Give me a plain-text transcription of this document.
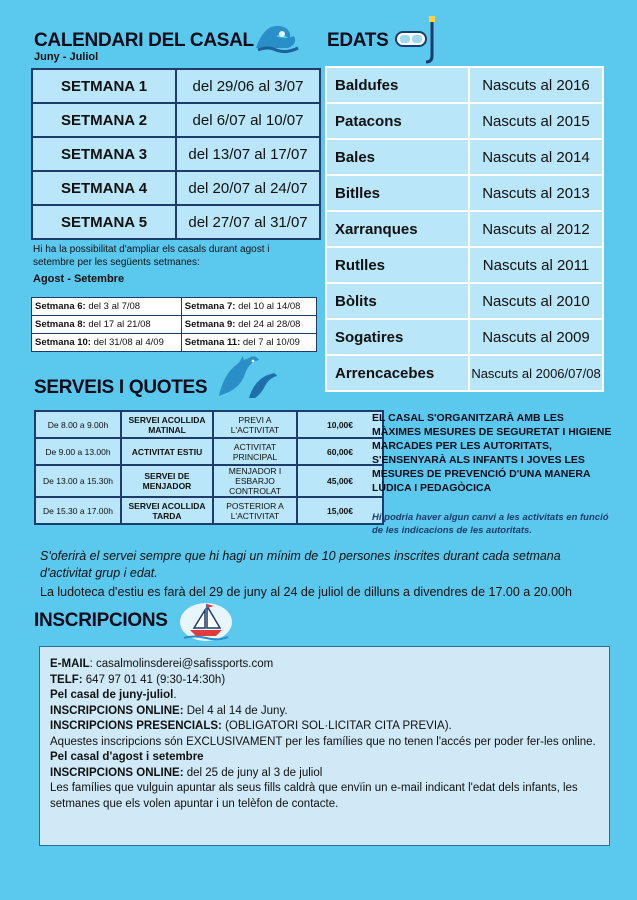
CALENDARI DEL CASAL
Juny - Juliol
SETMANA 1	del 29/06 al 3/07
SETMANA 2	del 6/07 al 10/07
SETMANA 3	del 13/07 al 17/07
SETMANA 4	del 20/07 al 24/07
SETMANA 5	del 27/07 al 31/07
Hi ha la possibilitat d'ampliar els casals durant agost i setembre per les següents setmanes:
Agost - Setembre
Setmana 6: del 3 al 7/08	Setmana 7: del 10 al 14/08
Setmana 8: del 17 al 21/08	Setmana 9: del 24 al 28/08
Setmana 10: del 31/08 al 4/09	Setmana 11: del 7 al 10/09
EDATS
Baldufes	Nascuts al 2016
Patacons	Nascuts al 2015
Bales	Nascuts al 2014
Bitlles	Nascuts al 2013
Xarranques	Nascuts al 2012
Rutlles	Nascuts al 2011
Bòlits	Nascuts al 2010
Sogatires	Nascuts al 2009
Arrencacebes	Nascuts al 2006/07/08
SERVEIS I QUOTES
De 8.00 a 9.00h	SERVEI ACOLLIDA MATINAL	PREVI A L'ACTIVITAT	10,00€
De 9.00 a 13.00h	ACTIVITAT ESTIU	ACTIVITAT PRINCIPAL	60,00€
De 13.00 a 15.30h	SERVEI DE MENJADOR	MENJADOR I ESBARJO CONTROLAT	45,00€
De 15.30 a 17.00h	SERVEI ACOLLIDA TARDA	POSTERIOR A L'ACTIVITAT	15,00€
EL CASAL S'ORGANITZARÀ AMB LES MÀXIMES MESURES DE SEGURETAT I HIGIENE MARCADES PER LES AUTORITATS, S'ENSENYARÀ ALS INFANTS I JOVES LES MESURES DE PREVENCIÓ D'UNA MANERA LÚDICA I PEDAGÒCICA
Hi podria haver algun canvi a les activitats en funció de les indicacions de les autoritats.
S'oferirà el servei sempre que hi hagi un mínim de 10 persones inscrites durant cada setmana d'activitat grup i edat.
La ludoteca d'estiu es farà del 29 de juny al 24 de juliol de dilluns a divendres de 17.00 a 20.00h
INSCRIPCIONS
E-MAIL: casalmolinsderei@safissports.com
TELF: 647 97 01 41 (9:30-14:30h)
Pel casal de juny-juliol.
INSCRIPCIONS ONLINE: Del 4 al 14 de Juny.
INSCRIPCIONS PRESENCIALS: (OBLIGATORI SOL·LICITAR CITA PREVIA).
Aquestes inscripcions són EXCLUSIVAMENT per les famílies que no tenen l'accés per poder fer-les online.
Pel casal d'agost i setembre
INSCRIPCIONS ONLINE: del 25 de juny al 3 de juliol
Les famílies que vulguin apuntar als seus fills caldrà que envïin un e-mail indicant l'edat dels infants, les setmanes que els volen apuntar i un telèfon de contacte.
